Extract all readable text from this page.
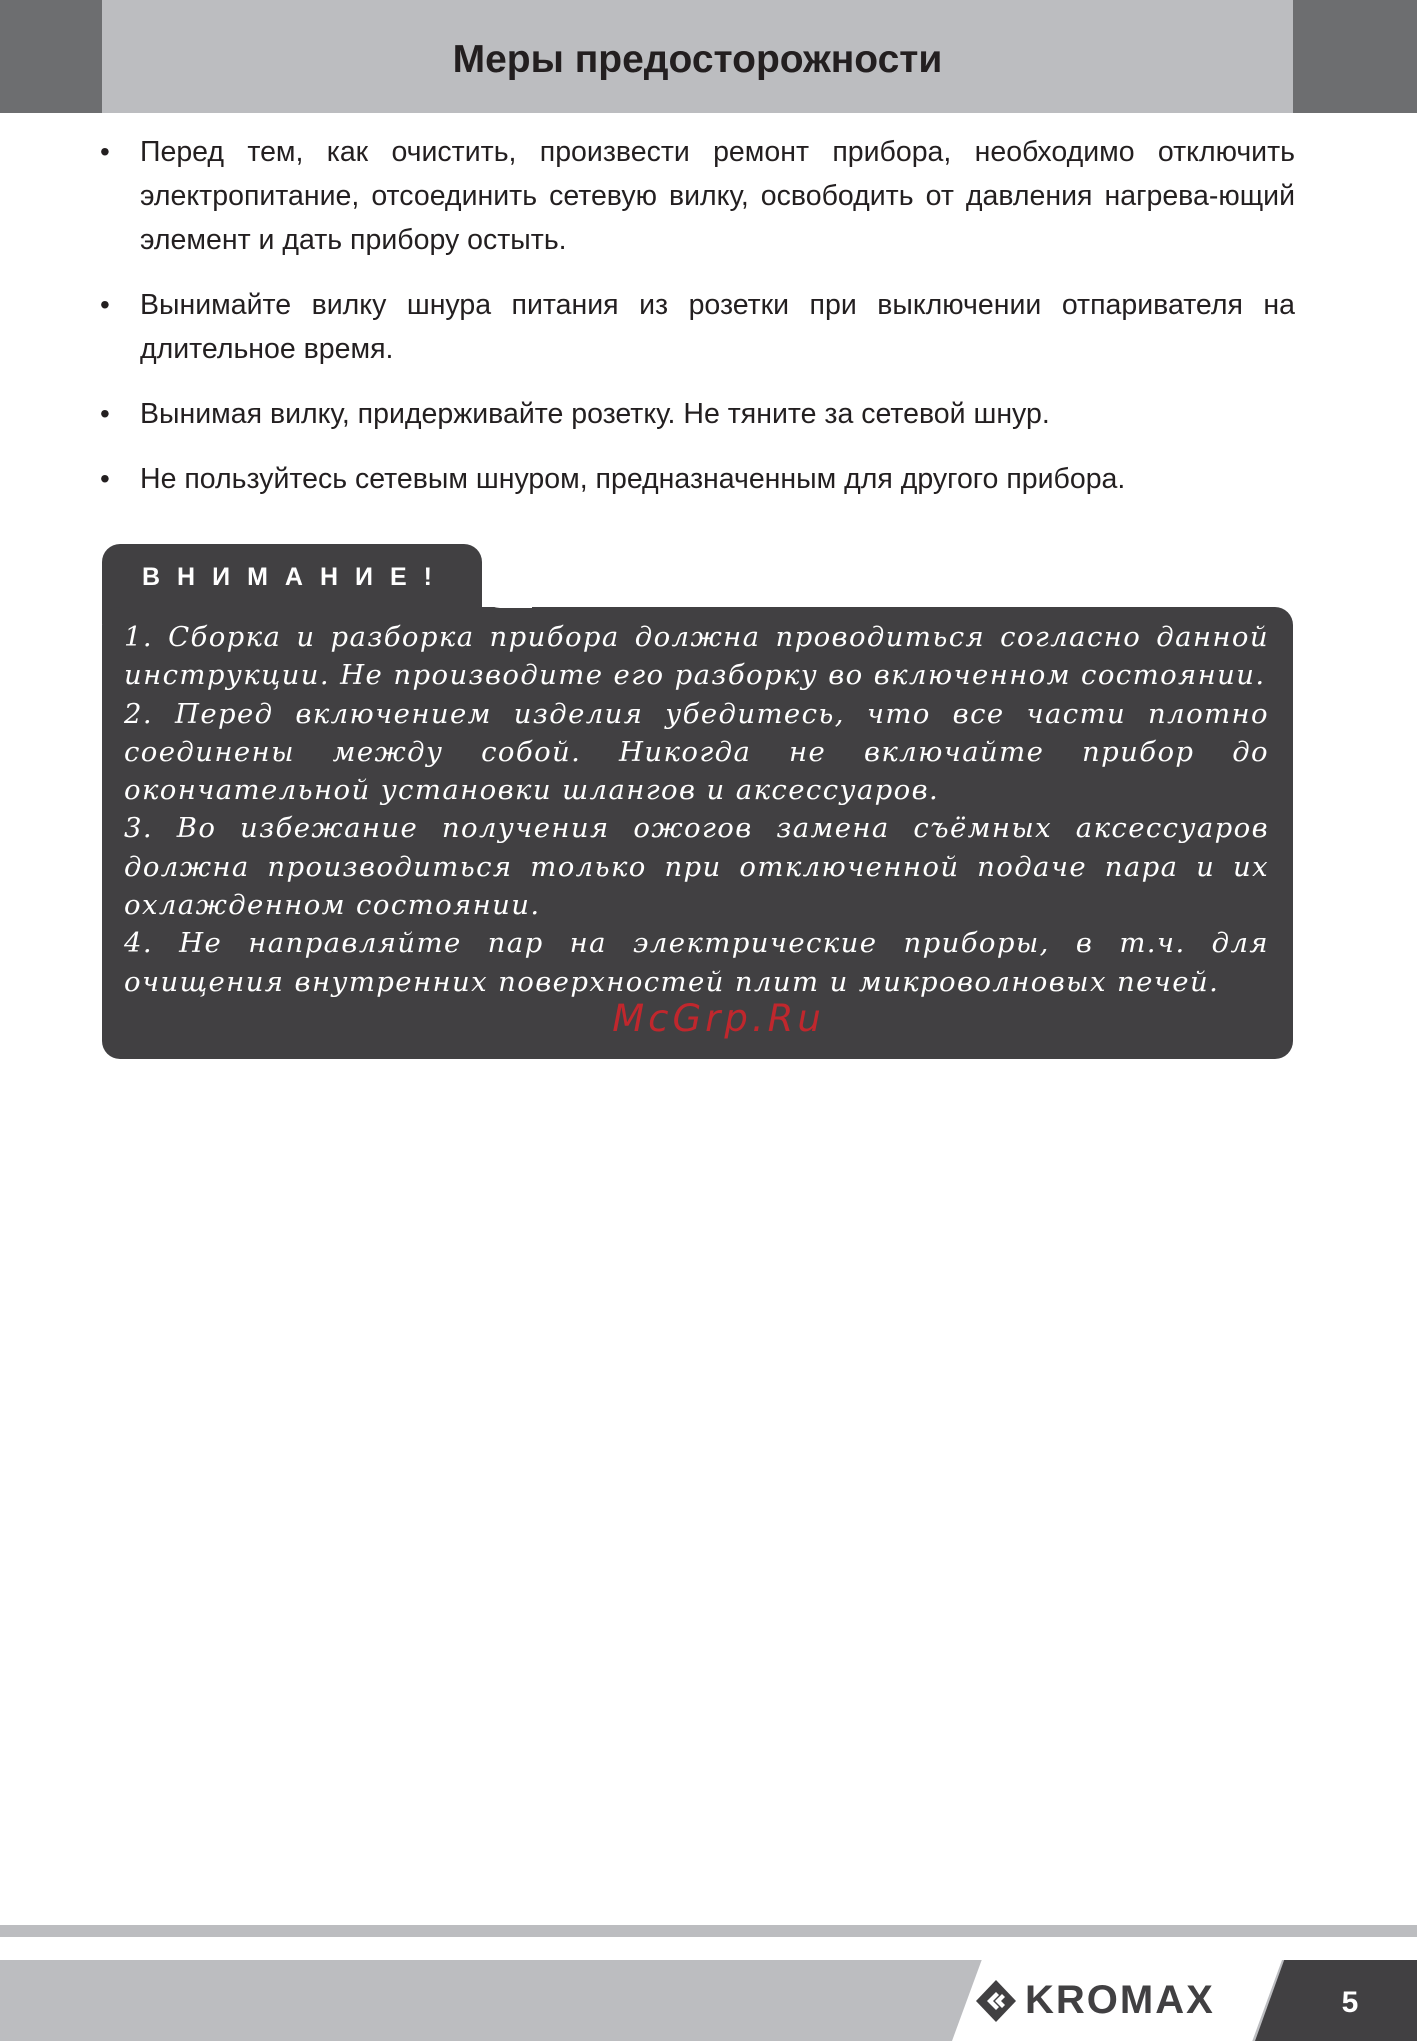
Меры предосторожности
• Перед тем, как очистить, произвести ремонт прибора, необходимо отключить электропитание, отсоединить сетевую вилку, освободить от давления нагрева-ющий элемент и дать прибору остыть.
• Вынимайте вилку шнура питания из розетки при выключении отпаривателя на длительное время.
• Вынимая вилку, придерживайте розетку. Не тяните за сетевой шнур.
• Не пользуйтесь сетевым шнуром, предназначенным для другого прибора.
ВНИМАНИЕ!

1. Сборка и разборка прибора должна проводиться согласно данной инструкции. Не производите его разборку во включенном состоянии.

2. Перед включением изделия убедитесь, что все части плотно соединены между собой. Никогда не включайте прибор до окончательной установки шлангов и аксессуаров.

3. Во избежание получения ожогов замена съёмных аксессуаров должна производиться только при отключенной подаче пара и их охлажденном состоянии.

4. Не направляйте пар на электрические приборы, в т.ч. для очищения внутренних поверхностей плит и микроволновых печей.

McGrp.Ru
KROMAX	5
